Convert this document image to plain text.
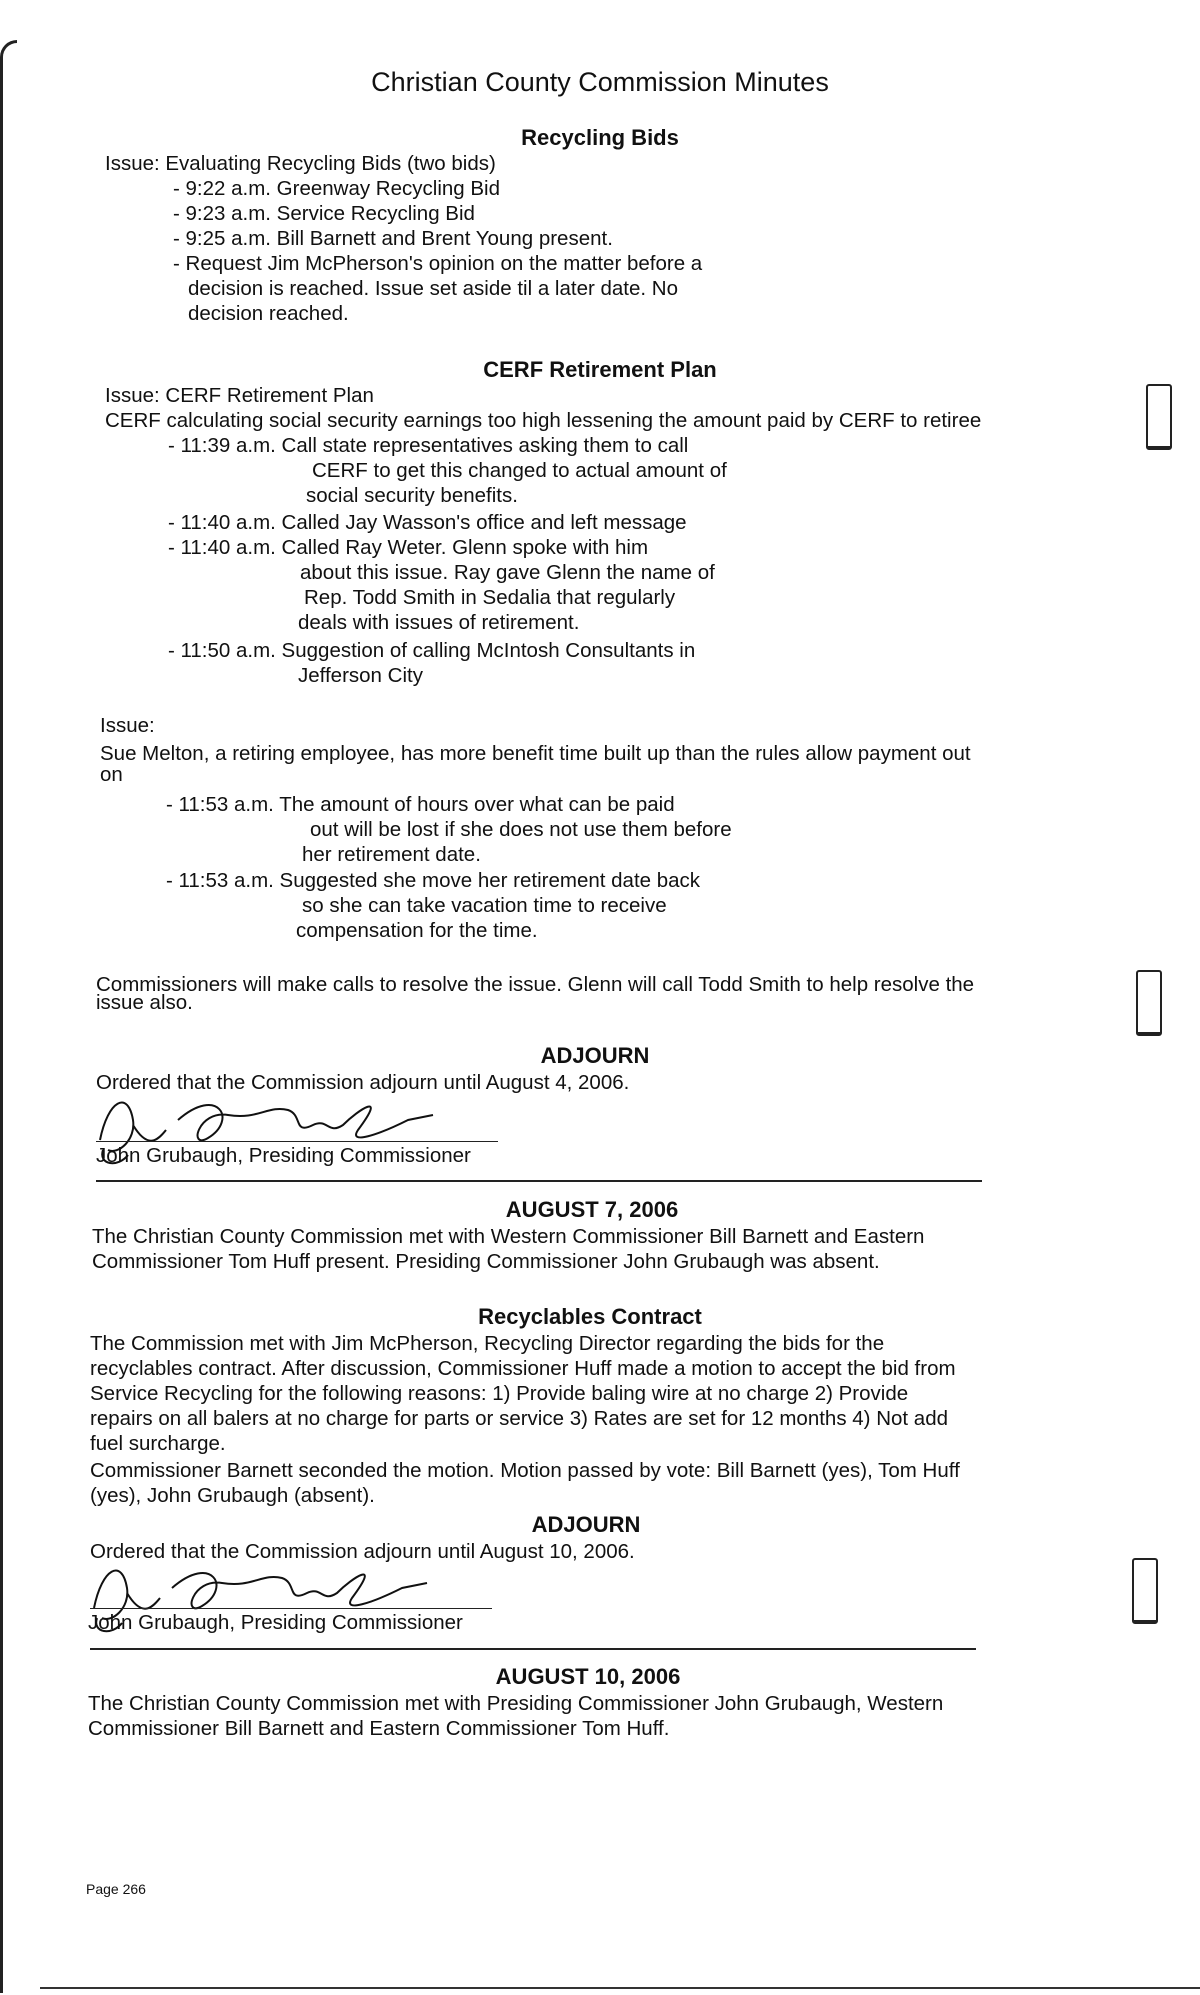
Christian County Commission Minutes
Recycling Bids
Issue: Evaluating Recycling Bids (two bids)
- 9:22 a.m. Greenway Recycling Bid
- 9:23 a.m. Service Recycling Bid
- 9:25 a.m. Bill Barnett and Brent Young present.
- Request Jim McPherson's opinion on the matter before a
decision is reached. Issue set aside til a later date. No
decision reached.
CERF Retirement Plan
Issue: CERF Retirement Plan
CERF calculating social security earnings too high lessening the amount paid by CERF to retiree
- 11:39 a.m. Call state representatives asking them to call
CERF to get this changed to actual amount of
social security benefits.
- 11:40 a.m. Called Jay Wasson's office and left message
- 11:40 a.m. Called Ray Weter. Glenn spoke with him
about this issue. Ray gave Glenn the name of
Rep. Todd Smith in Sedalia that regularly
deals with issues of retirement.
- 11:50 a.m. Suggestion of calling McIntosh Consultants in
Jefferson City
Issue:
Sue Melton, a retiring employee, has more benefit time built up than the rules allow payment out
on
- 11:53 a.m. The amount of hours over what can be paid
out will be lost if she does not use them before
her retirement date.
- 11:53 a.m. Suggested she move her retirement date back
so she can take vacation time to receive
compensation for the time.
Commissioners will make calls to resolve the issue. Glenn will call Todd Smith to help resolve the
issue also.
ADJOURN
Ordered that the Commission adjourn until August 4, 2006.
John Grubaugh, Presiding Commissioner
AUGUST 7, 2006
The Christian County Commission met with Western Commissioner Bill Barnett and Eastern
Commissioner Tom Huff present. Presiding Commissioner John Grubaugh was absent.
Recyclables Contract
The Commission met with Jim McPherson, Recycling Director regarding the bids for the
recyclables contract. After discussion, Commissioner Huff made a motion to accept the bid from
Service Recycling for the following reasons: 1) Provide baling wire at no charge 2) Provide
repairs on all balers at no charge for parts or service 3) Rates are set for 12 months 4) Not add
fuel surcharge.
Commissioner Barnett seconded the motion. Motion passed by vote: Bill Barnett (yes), Tom Huff
(yes), John Grubaugh (absent).
ADJOURN
Ordered that the Commission adjourn until August 10, 2006.
John Grubaugh, Presiding Commissioner
AUGUST 10, 2006
The Christian County Commission met with Presiding Commissioner John Grubaugh, Western
Commissioner Bill Barnett and Eastern Commissioner Tom Huff.
Page 266
